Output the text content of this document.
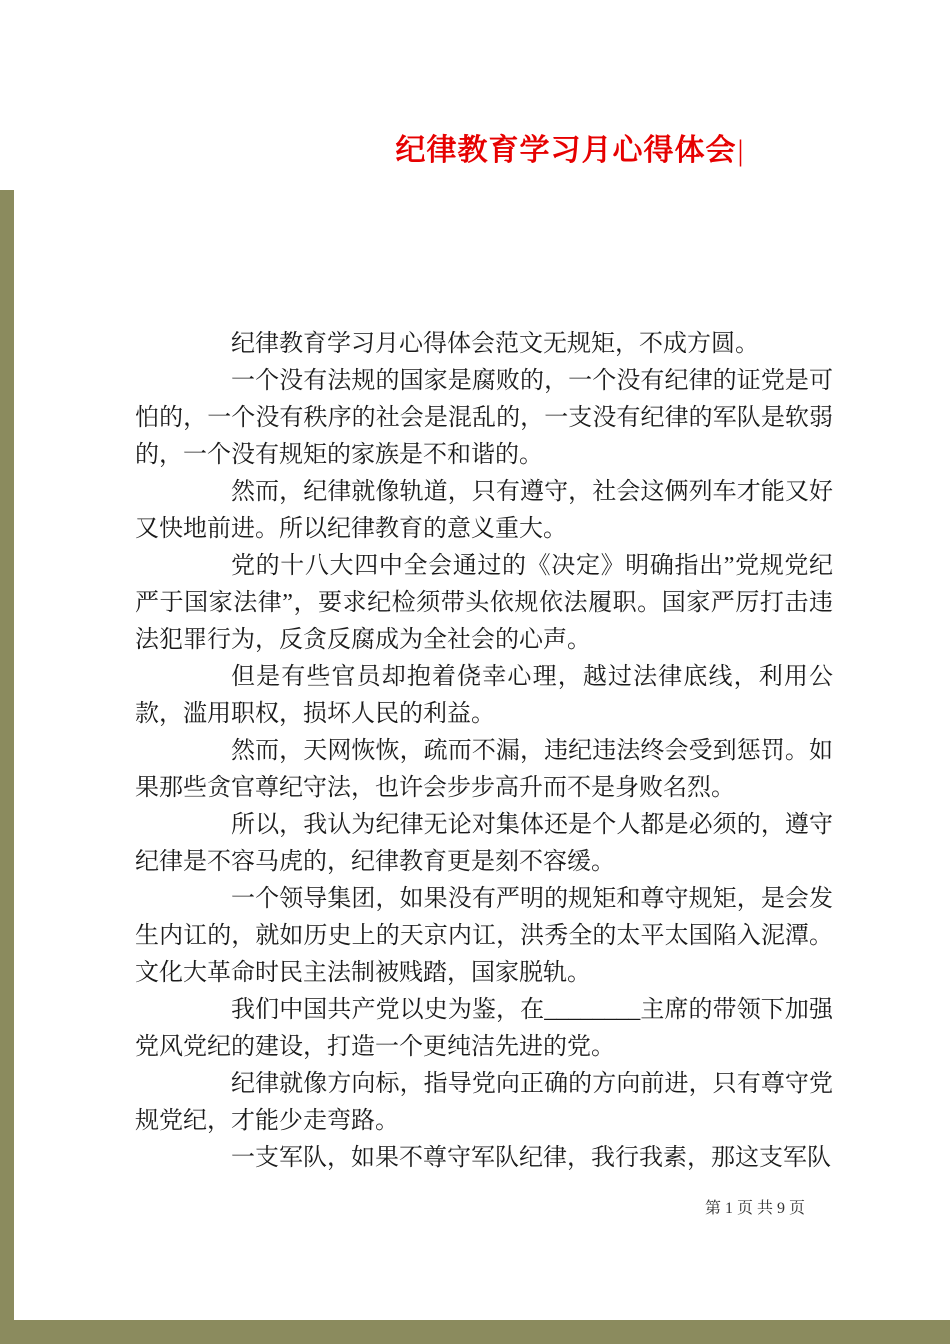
纪律教育学习月心得体会|

纪律教育学习月心得体会范文无规矩，不成方圆。

一个没有法规的国家是腐败的，一个没有纪律的证党是可怕的，一个没有秩序的社会是混乱的，一支没有纪律的军队是软弱的，一个没有规矩的家族是不和谐的。

然而，纪律就像轨道，只有遵守，社会这俩列车才能又好又快地前进。所以纪律教育的意义重大。

党的十八大四中全会通过的《决定》明确指出”党规党纪严于国家法律”，要求纪检须带头依规依法履职。国家严厉打击违法犯罪行为，反贪反腐成为全社会的心声。

但是有些官员却抱着侥幸心理，越过法律底线，利用公款，滥用职权，损坏人民的利益。

然而，天网恢恢，疏而不漏，违纪违法终会受到惩罚。如果那些贪官尊纪守法，也许会步步高升而不是身败名烈。

所以，我认为纪律无论对集体还是个人都是必须的，遵守纪律是不容马虎的，纪律教育更是刻不容缓。

一个领导集团，如果没有严明的规矩和尊守规矩，是会发生内讧的，就如历史上的天京内讧，洪秀全的太平太国陷入泥潭。文化大革命时民主法制被贱踏，国家脱轨。

我们中国共产党以史为鉴，在________主席的带领下加强党风党纪的建设，打造一个更纯洁先进的党。

纪律就像方向标，指导党向正确的方向前进，只有尊守党规党纪，才能少走弯路。

一支军队，如果不尊守军队纪律，我行我素，那这支军队

第 1 页 共 9 页
